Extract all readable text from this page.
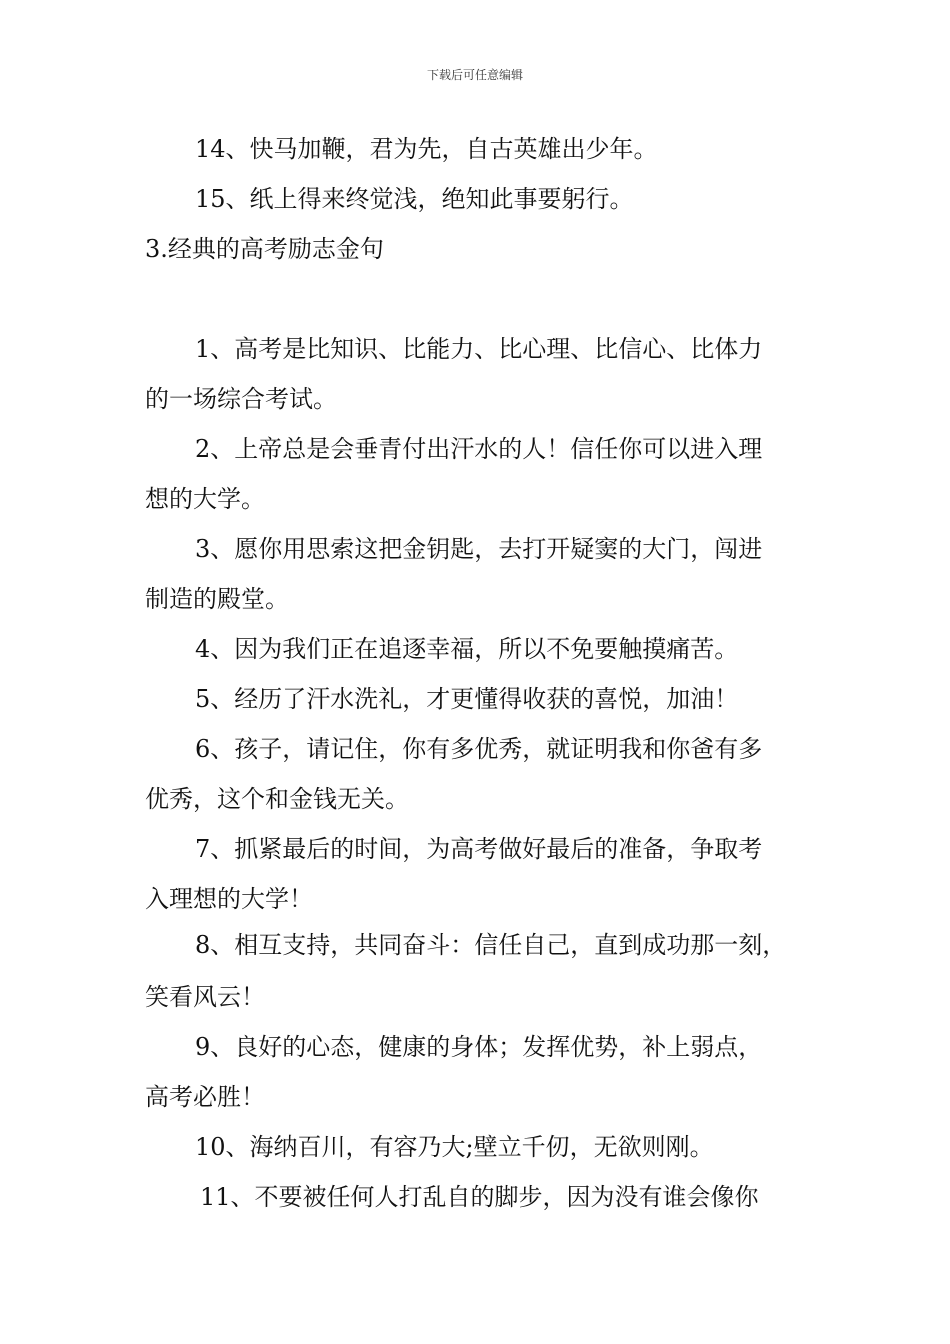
下载后可任意编辑
14、快马加鞭，君为先，自古英雄出少年。
15、纸上得来终觉浅，绝知此事要躬行。
3.经典的高考励志金句
1、高考是比知识、比能力、比心理、比信心、比体力
的一场综合考试。
2、上帝总是会垂青付出汗水的人！信任你可以进入理
想的大学。
3、愿你用思索这把金钥匙，去打开疑窦的大门，闯进
制造的殿堂。
4、因为我们正在追逐幸福，所以不免要触摸痛苦。
5、经历了汗水洗礼，才更懂得收获的喜悦，加油！
6、孩子，请记住，你有多优秀，就证明我和你爸有多
优秀，这个和金钱无关。
7、抓紧最后的时间，为高考做好最后的准备，争取考
入理想的大学！
8、相互支持，共同奋斗：信任自己，直到成功那一刻，
笑看风云！
9、良好的心态，健康的身体；发挥优势，补上弱点，
高考必胜！
10、海纳百川，有容乃大;壁立千仞，无欲则刚。
11、不要被任何人打乱自的脚步，因为没有谁会像你
